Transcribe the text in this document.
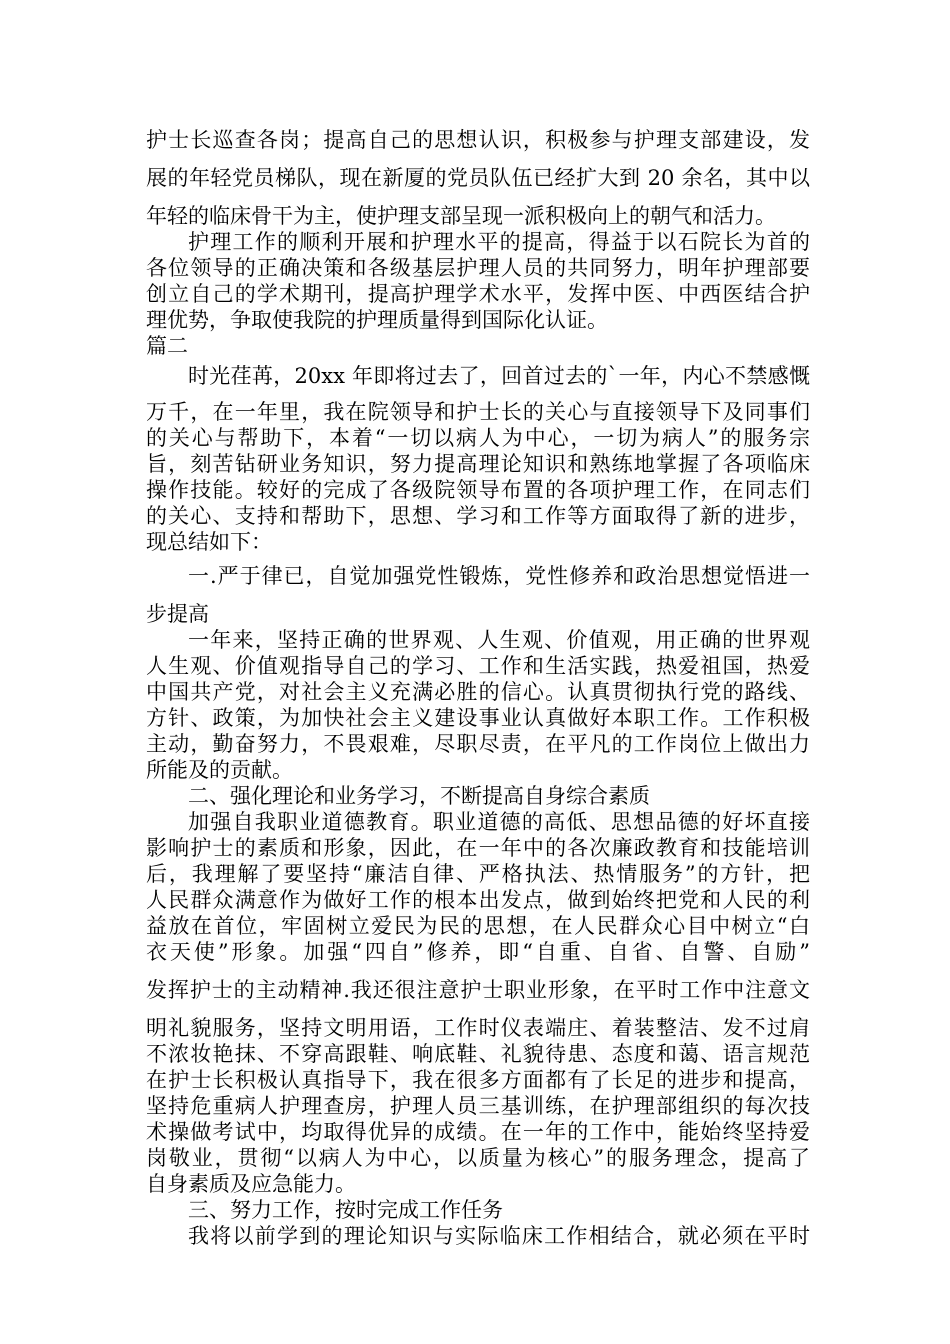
护士长巡查各岗；提高自己的思想认识，积极参与护理支部建设，发

展的年轻党员梯队，现在新厦的党员队伍已经扩大到 20 余名，其中以

年轻的临床骨干为主，使护理支部呈现一派积极向上的朝气和活力。

护理工作的顺利开展和护理水平的提高，得益于以石院长为首的

各位领导的正确决策和各级基层护理人员的共同努力，明年护理部要

创立自己的学术期刊，提高护理学术水平，发挥中医、中西医结合护

理优势，争取使我院的护理质量得到国际化认证。

篇二

时光荏苒，20xx 年即将过去了，回首过去的`一年，内心不禁感慨

万千，在一年里，我在院领导和护士长的关心与直接领导下及同事们

的关心与帮助下，本着“一切以病人为中心，一切为病人”的服务宗

旨，刻苦钻研业务知识，努力提高理论知识和熟练地掌握了各项临床

操作技能。较好的完成了各级院领导布置的各项护理工作，在同志们

的关心、支持和帮助下，思想、学习和工作等方面取得了新的进步，

现总结如下：

一.严于律已，自觉加强党性锻炼，党性修养和政治思想觉悟进一

步提高

一年来，坚持正确的世界观、人生观、价值观，用正确的世界观

人生观、价值观指导自己的学习、工作和生活实践，热爱祖国，热爱

中国共产党，对社会主义充满必胜的信心。认真贯彻执行党的路线、

方针、政策，为加快社会主义建设事业认真做好本职工作。工作积极

主动，勤奋努力，不畏艰难，尽职尽责，在平凡的工作岗位上做出力

所能及的贡献。

二、强化理论和业务学习，不断提高自身综合素质

加强自我职业道德教育。职业道德的高低、思想品德的好坏直接

影响护士的素质和形象，因此，在一年中的各次廉政教育和技能培训

后，我理解了要坚持“廉洁自律、严格执法、热情服务”的方针，把

人民群众满意作为做好工作的根本出发点，做到始终把党和人民的利

益放在首位，牢固树立爱民为民的思想，在人民群众心目中树立“白

衣天使”形象。加强“四自”修养，即“自重、自省、自警、自励”

发挥护士的主动精神.我还很注意护士职业形象，在平时工作中注意文

明礼貌服务，坚持文明用语，工作时仪表端庄、着装整洁、发不过肩

不浓妆艳抹、不穿高跟鞋、响底鞋、礼貌待患、态度和蔼、语言规范

在护士长积极认真指导下，我在很多方面都有了长足的进步和提高，

坚持危重病人护理查房，护理人员三基训练，在护理部组织的每次技

术操做考试中，均取得优异的成绩。在一年的工作中，能始终坚持爱

岗敬业，贯彻“以病人为中心，以质量为核心”的服务理念，提高了

自身素质及应急能力。

三、努力工作，按时完成工作任务

我将以前学到的理论知识与实际临床工作相结合，就必须在平时
